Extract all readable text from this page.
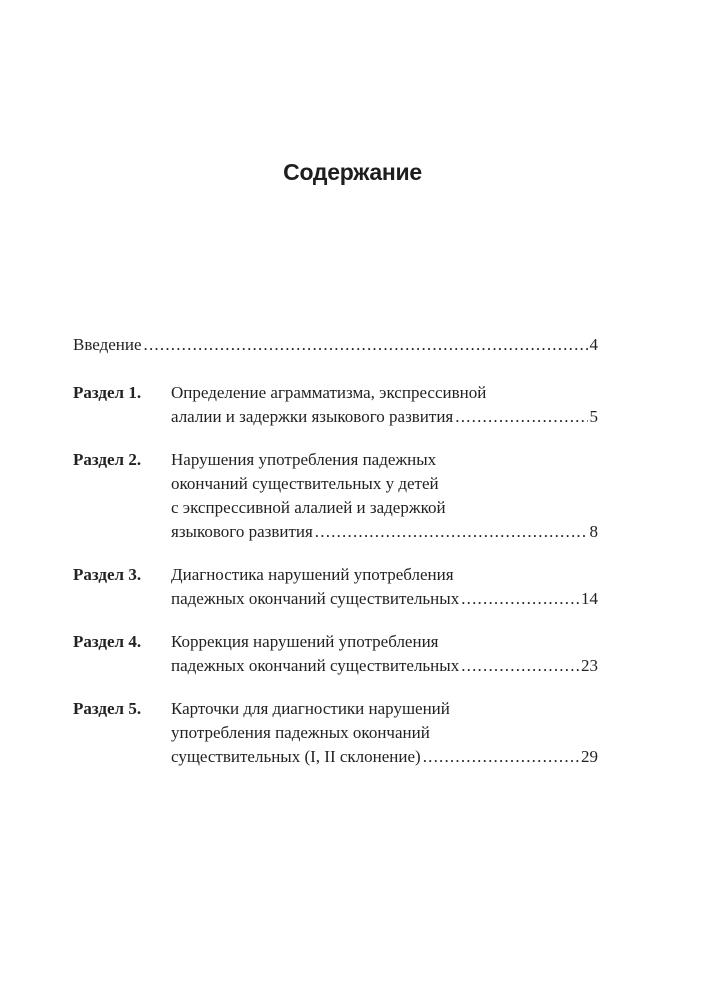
Содержание
Введение .....	4
Раздел 1.	Определение аграмматизма, экспрессивной
алалии и задержки языкового развития .....	5
Раздел 2.	Нарушения употребления падежных
окончаний существительных у детей
с экспрессивной алалией и задержкой
языкового развития .....	8
Раздел 3.	Диагностика нарушений употребления
падежных окончаний существительных .....	14
Раздел 4.	Коррекция нарушений употребления
падежных окончаний существительных .....	23
Раздел 5.	Карточки для диагностики нарушений
употребления падежных окончаний
существительных (I, II склонение) .....	29
